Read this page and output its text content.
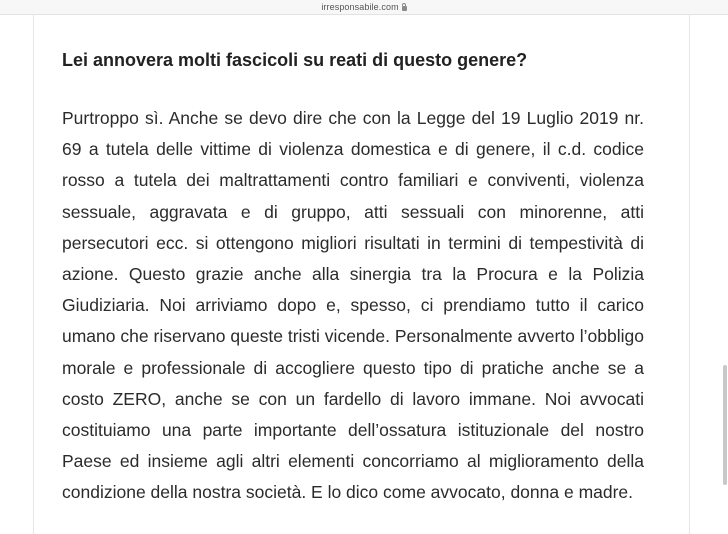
irresponsabile.com
Lei annovera molti fascicoli su reati di questo genere?

Purtroppo sì. Anche se devo dire che con la Legge del 19 Luglio 2019 nr. 69 a tutela delle vittime di violenza domestica e di genere, il c.d. codice rosso a tutela dei maltrattamenti contro familiari e conviventi, violenza sessuale, aggravata e di gruppo, atti sessuali con minorenne, atti persecutori ecc. si ottengono migliori risultati in termini di tempestività di azione. Questo grazie anche alla sinergia tra la Procura e la Polizia Giudiziaria. Noi arriviamo dopo e, spesso, ci prendiamo tutto il carico umano che riservano queste tristi vicende. Personalmente avverto l’obbligo morale e professionale di accogliere questo tipo di pratiche anche se a costo ZERO, anche se con un fardello di lavoro immane. Noi avvocati costituiamo una parte importante dell’ossatura istituzionale del nostro Paese ed insieme agli altri elementi concorriamo al miglioramento della condizione della nostra società. E lo dico come avvocato, donna e madre.
